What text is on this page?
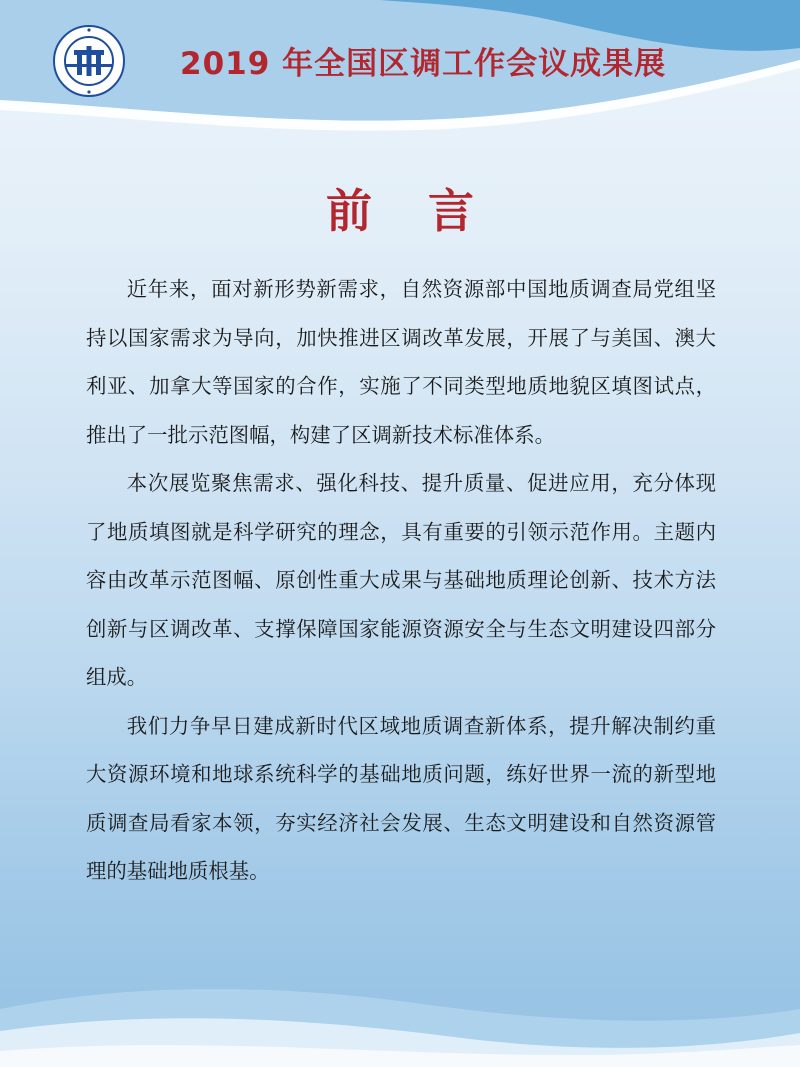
2019 年全国区调工作会议成果展
前言

近年来，面对新形势新需求，自然资源部中国地质调查局党组坚持以国家需求为导向，加快推进区调改革发展，开展了与美国、澳大利亚、加拿大等国家的合作，实施了不同类型地质地貌区填图试点，推出了一批示范图幅，构建了区调新技术标准体系。

本次展览聚焦需求、强化科技、提升质量、促进应用，充分体现了地质填图就是科学研究的理念，具有重要的引领示范作用。主题内容由改革示范图幅、原创性重大成果与基础地质理论创新、技术方法创新与区调改革、支撑保障国家能源资源安全与生态文明建设四部分组成。

我们力争早日建成新时代区域地质调查新体系，提升解决制约重大资源环境和地球系统科学的基础地质问题，练好世界一流的新型地质调查局看家本领，夯实经济社会发展、生态文明建设和自然资源管理的基础地质根基。
